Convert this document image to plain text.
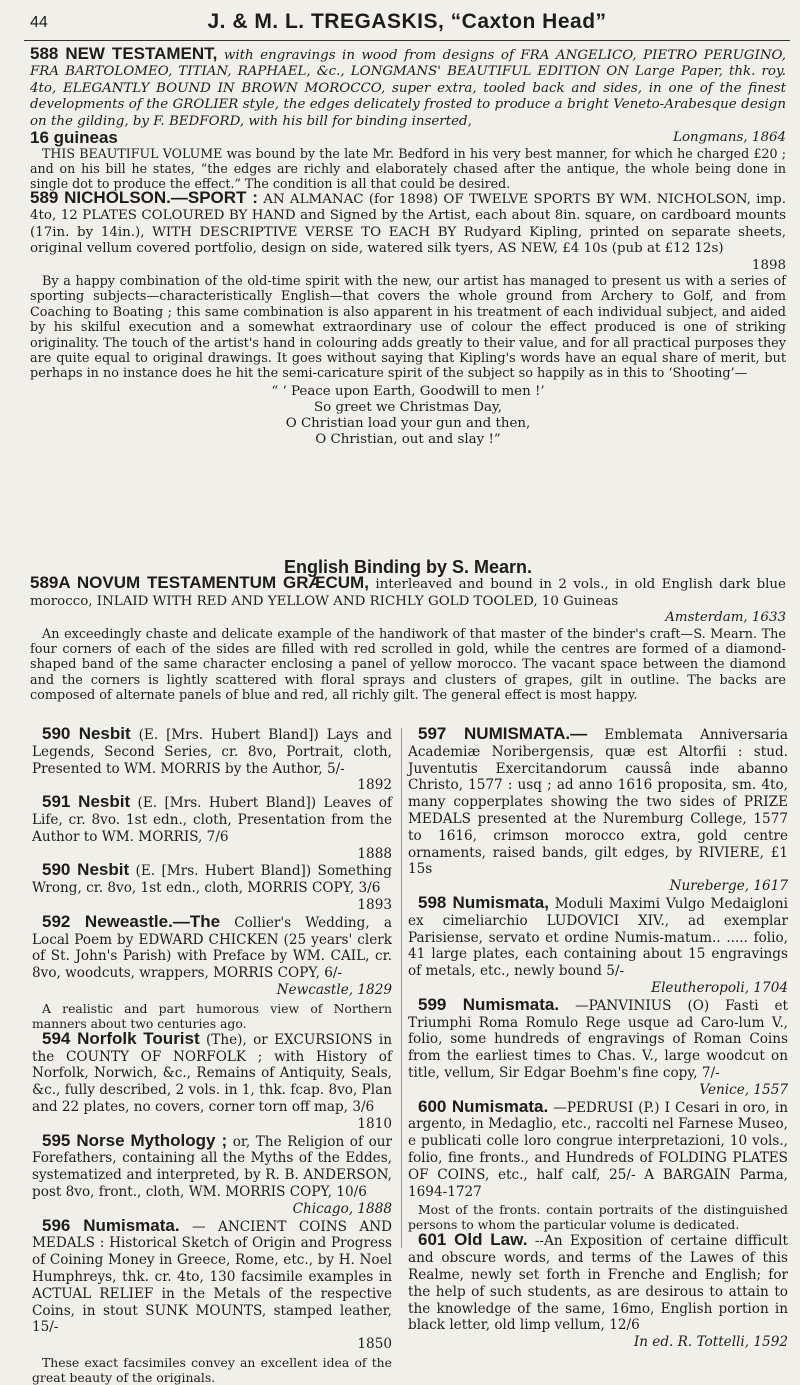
44	J. & M. L. TREGASKIS, “Caxton Head”
588 NEW TESTAMENT, with engravings in wood from designs of FRA ANGELICO, PIETRO PERUGINO, FRA BARTOLOMEO, TITIAN, RAPHAEL, &c., LONGMANS' BEAUTIFUL EDITION ON Large Paper, thk. roy. 4to, ELEGANTLY BOUND IN BROWN MOROCCO, super extra, tooled back and sides, in one of the finest developments of the GROLIER style, the edges delicately frosted to produce a bright Veneto-Arabesque design on the gilding, by F. BEDFORD, with his bill for binding inserted,
16 guineas	Longmans, 1864
THIS BEAUTIFUL VOLUME was bound by the late Mr. Bedford in his very best manner, for which he charged £20 ; and on his bill he states, “the edges are richly and elaborately chased after the antique, the whole being done in single dot to produce the effect.” The condition is all that could be desired.
589 NICHOLSON.—SPORT : AN ALMANAC (for 1898) OF TWELVE SPORTS BY WM. NICHOLSON, imp. 4to, 12 PLATES COLOURED BY HAND and Signed by the Artist, each about 8in. square, on cardboard mounts (17in. by 14in.), WITH DESCRIPTIVE VERSE TO EACH BY Rudyard Kipling, printed on separate sheets, original vellum covered portfolio, design on side, watered silk tyers, AS NEW, £4 10s (pub at £12 12s)
1898
By a happy combination of the old-time spirit with the new, our artist has managed to present us with a series of sporting subjects—characteristically English—that covers the whole ground from Archery to Golf, and from Coaching to Boating ; this same combination is also apparent in his treatment of each individual subject, and aided by his skilful execution and a somewhat extraordinary use of colour the effect produced is one of striking originality. The touch of the artist's hand in colouring adds greatly to their value, and for all practical purposes they are quite equal to original drawings. It goes without saying that Kipling's words have an equal share of merit, but perhaps in no instance does he hit the semi-caricature spirit of the subject so happily as in this to ‘Shooting’—
“ ‘ Peace upon Earth, Goodwill to men !’
So greet we Christmas Day,
O Christian load your gun and then,
O Christian, out and slay !”
English Binding by S. Mearn.
589A NOVUM TESTAMENTUM GRÆCUM, interleaved and bound in 2 vols., in old English dark blue morocco, INLAID WITH RED AND YELLOW AND RICHLY GOLD TOOLED, 10 Guineas
Amsterdam, 1633
An exceedingly chaste and delicate example of the handiwork of that master of the binder's craft—S. Mearn. The four corners of each of the sides are filled with red scrolled in gold, while the centres are formed of a diamond-shaped band of the same character enclosing a panel of yellow morocco. The vacant space between the diamond and the corners is lightly scattered with floral sprays and clusters of grapes, gilt in outline. The backs are composed of alternate panels of blue and red, all richly gilt. The general effect is most happy.
590 Nesbit (E. [Mrs. Hubert Bland]) Lays and Legends, Second Series, cr. 8vo, Portrait, cloth, Presented to WM. MORRIS by the Author, 5/-
1892
591 Nesbit (E. [Mrs. Hubert Bland]) Leaves of Life, cr. 8vo. 1st edn., cloth, Presentation from the Author to WM. MORRIS, 7/6
1888
590 Nesbit (E. [Mrs. Hubert Bland]) Something Wrong, cr. 8vo, 1st edn., cloth, MORRIS COPY, 3/6
1893
592 Neweastle.—The Collier's Wedding, a Local Poem by EDWARD CHICKEN (25 years' clerk of St. John's Parish) with Preface by WM. CAIL, cr. 8vo, woodcuts, wrappers, MORRIS COPY, 6/-
Newcastle, 1829
A realistic and part humorous view of Northern manners about two centuries ago.
594 Norfolk Tourist (The), or EXCURSIONS in the COUNTY OF NORFOLK ; with History of Norfolk, Norwich, &c., Remains of Antiquity, Seals, &c., fully described, 2 vols. in 1, thk. fcap. 8vo, Plan and 22 plates, no covers, corner torn off map, 3/6
1810
595 Norse Mythology ; or, The Religion of our Forefathers, containing all the Myths of the Eddes, systematized and interpreted, by R. B. ANDERSON, post 8vo, front., cloth, WM. MORRIS COPY, 10/6
Chicago, 1888
596 Numismata. — ANCIENT COINS AND MEDALS : Historical Sketch of Origin and Progress of Coining Money in Greece, Rome, etc., by H. Noel Humphreys, thk. cr. 4to, 130 facsimile examples in ACTUAL RELIEF in the Metals of the respective Coins, in stout SUNK MOUNTS, stamped leather, 15/-
1850
These exact facsimiles convey an excellent idea of the great beauty of the originals.
597 NUMISMATA.— Emblemata Anniversaria Academiæ Noribergensis, quæ est Altorfii : stud. Juventutis Exercitandorum caussâ inde abanno Christo, 1577 : usq ; ad anno 1616 proposita, sm. 4to, many copperplates showing the two sides of PRIZE MEDALS presented at the Nuremburg College, 1577 to 1616, crimson morocco extra, gold centre ornaments, raised bands, gilt edges, by RIVIERE, £1 15s
Nureberge, 1617
598 Numismata, Moduli Maximi Vulgo Medaigloni ex cimeliarchio LUDOVICI XIV., ad exemplar Parisiense, servato et ordine Numis-matum.. ..... folio, 41 large plates, each containing about 15 engravings of metals, etc., newly bound 5/-
Eleutheropoli, 1704
599 Numismata. —PANVINIUS (O) Fasti et Triumphi Roma Romulo Rege usque ad Caro-lum V., folio, some hundreds of engravings of Roman Coins from the earliest times to Chas. V., large woodcut on title, vellum, Sir Edgar Boehm's fine copy, 7/-
Venice, 1557
600 Numismata. —PEDRUSI (P.) I Cesari in oro, in argento, in Medaglio, etc., raccolti nel Farnese Museo, e publicati colle loro congrue interpretazioni, 10 vols., folio, fine fronts., and Hundreds of FOLDING PLATES OF COINS, etc., half calf, 25/- A BARGAIN Parma, 1694-1727
Most of the fronts. contain portraits of the distinguished persons to whom the particular volume is dedicated.
601 Old Law. --An Exposition of certaine difficult and obscure words, and terms of the Lawes of this Realme, newly set forth in Frenche and English; for the help of such students, as are desirous to attain to the knowledge of the same, 16mo, English portion in black letter, old limp vellum, 12/6
In ed. R. Tottelli, 1592
